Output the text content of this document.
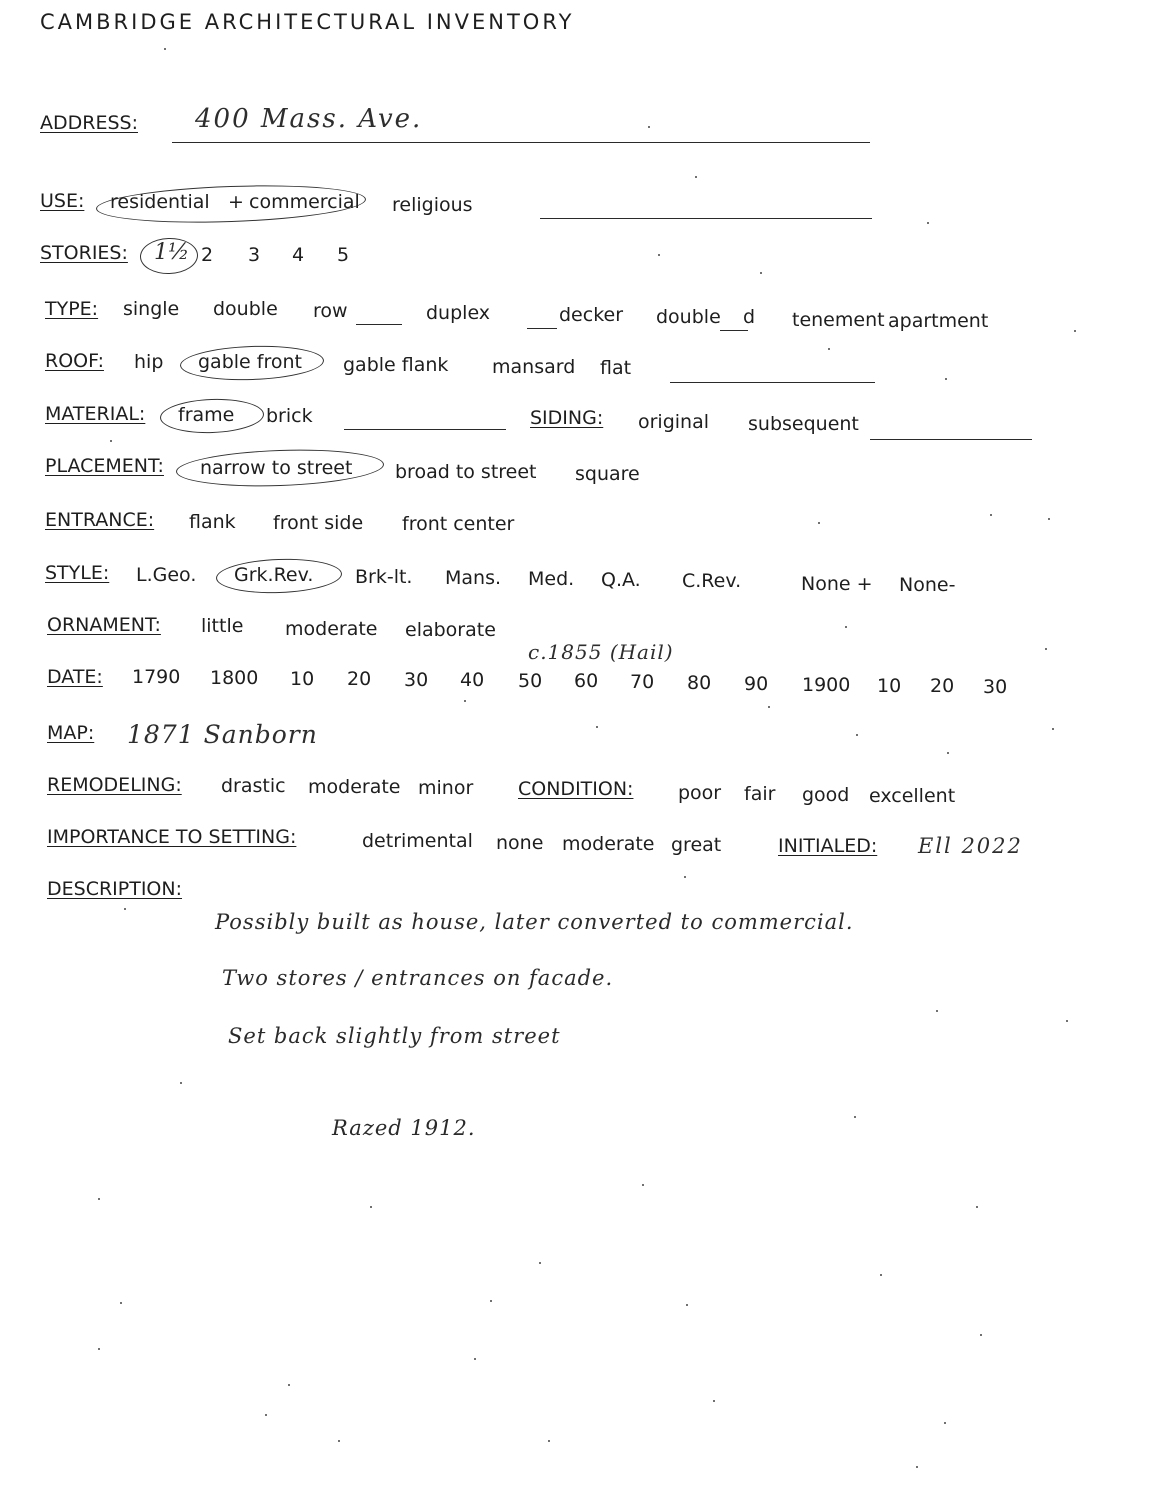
CAMBRIDGE ARCHITECTURAL INVENTORY
ADDRESS: 400 Mass. Ave.
USE: residential + commercial religious
STORIES: 1½ 2 3 4 5
TYPE: single double row	duplex	decker double d tenement apartment
ROOF: hip gable front gable flank mansard flat
MATERIAL: frame brick	SIDING: original subsequent
PLACEMENT: narrow to street broad to street square
ENTRANCE: flank front side front center
STYLE: L.Geo. Grk.Rev. Brk-lt. Mans. Med. Q.A. C.Rev.	None + None-
ORNAMENT: little moderate elaborate
c.1855 (Hail)
DATE: 1790 1800 10 20 30 40 50 60 70 80 90 1900 10 20 30
MAP: 1871 Sanborn
REMODELING: drastic moderate minor CONDITION: poor fair good excellent
IMPORTANCE TO SETTING:	detrimental none moderate great	INITIALED: Ell 2022
DESCRIPTION:
Possibly built as house, later converted to commercial.
Two stores / entrances on facade.
Set back slightly from street
Razed 1912.
